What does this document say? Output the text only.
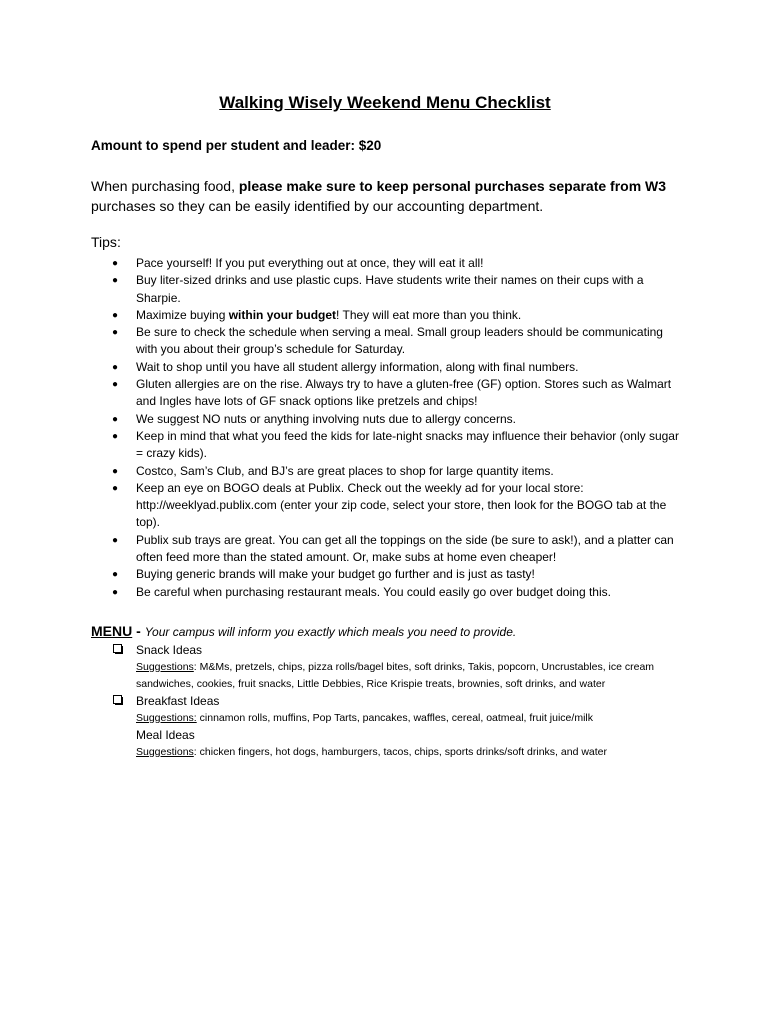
Walking Wisely Weekend Menu Checklist
Amount to spend per student and leader: $20
When purchasing food, please make sure to keep personal purchases separate from W3 purchases so they can be easily identified by our accounting department.
Tips:
● Pace yourself! If you put everything out at once, they will eat it all!
● Buy liter-sized drinks and use plastic cups. Have students write their names on their cups with a Sharpie.
● Maximize buying within your budget! They will eat more than you think.
● Be sure to check the schedule when serving a meal. Small group leaders should be communicating with you about their group’s schedule for Saturday.
● Wait to shop until you have all student allergy information, along with final numbers.
● Gluten allergies are on the rise. Always try to have a gluten-free (GF) option. Stores such as Walmart and Ingles have lots of GF snack options like pretzels and chips!
● We suggest NO nuts or anything involving nuts due to allergy concerns.
● Keep in mind that what you feed the kids for late-night snacks may influence their behavior (only sugar = crazy kids).
● Costco, Sam’s Club, and BJ’s are great places to shop for large quantity items.
● Keep an eye on BOGO deals at Publix. Check out the weekly ad for your local store: http://weeklyad.publix.com (enter your zip code, select your store, then look for the BOGO tab at the top).
● Publix sub trays are great. You can get all the toppings on the side (be sure to ask!), and a platter can often feed more than the stated amount. Or, make subs at home even cheaper!
● Buying generic brands will make your budget go further and is just as tasty!
● Be careful when purchasing restaurant meals. You could easily go over budget doing this.
MENU - Your campus will inform you exactly which meals you need to provide.
Snack Ideas
Suggestions: M&Ms, pretzels, chips, pizza rolls/bagel bites, soft drinks, Takis, popcorn, Uncrustables, ice cream sandwiches, cookies, fruit snacks, Little Debbies, Rice Krispie treats, brownies, soft drinks, and water
Breakfast Ideas
Suggestions: cinnamon rolls, muffins, Pop Tarts, pancakes, waffles, cereal, oatmeal, fruit juice/milk
Meal Ideas
Suggestions: chicken fingers, hot dogs, hamburgers, tacos, chips, sports drinks/soft drinks, and water
